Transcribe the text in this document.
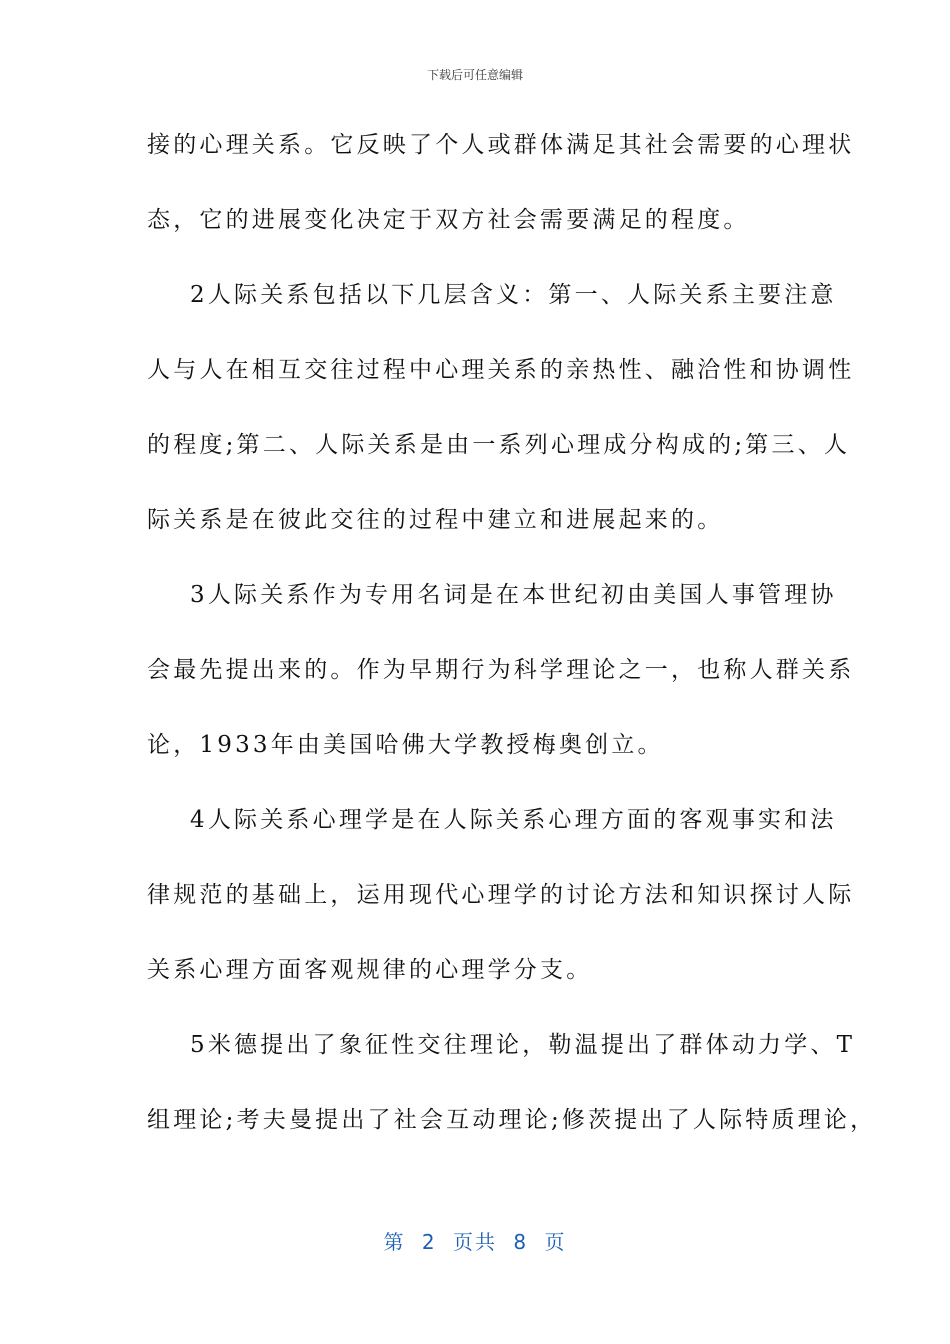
下载后可任意编辑
接的心理关系。它反映了个人或群体满足其社会需要的心理状
态，它的进展变化决定于双方社会需要满足的程度。
2人际关系包括以下几层含义：第一、人际关系主要注意
人与人在相互交往过程中心理关系的亲热性、融洽性和协调性
的程度;第二、人际关系是由一系列心理成分构成的;第三、人
际关系是在彼此交往的过程中建立和进展起来的。
3人际关系作为专用名词是在本世纪初由美国人事管理协
会最先提出来的。作为早期行为科学理论之一，也称人群关系
论，1933年由美国哈佛大学教授梅奥创立。
4人际关系心理学是在人际关系心理方面的客观事实和法
律规范的基础上，运用现代心理学的讨论方法和知识探讨人际
关系心理方面客观规律的心理学分支。
5米德提出了象征性交往理论，勒温提出了群体动力学、T
组理论;考夫曼提出了社会互动理论;修茨提出了人际特质理论，
第 2 页共 8 页
